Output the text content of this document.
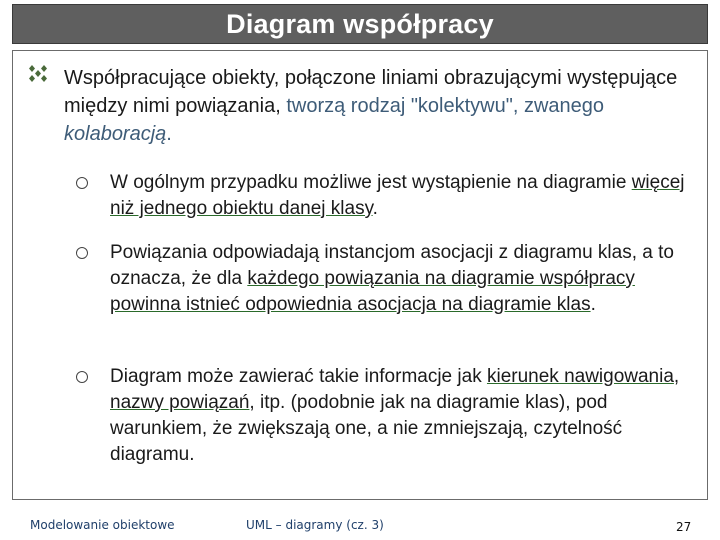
Diagram współpracy
Współpracujące obiekty, połączone liniami obrazującymi występujące między nimi powiązania, tworzą rodzaj "kolektywu", zwanego kolaboracją.
W ogólnym przypadku możliwe jest wystąpienie na diagramie więcej niż jednego obiektu danej klasy.
Powiązania odpowiadają instancjom asocjacji z diagramu klas, a to oznacza, że dla każdego powiązania na diagramie współpracy powinna istnieć odpowiednia asocjacja na diagramie klas.
Diagram może zawierać takie informacje jak kierunek nawigowania, nazwy powiązań, itp. (podobnie jak na diagramie klas), pod warunkiem, że zwiększają one, a nie zmniejszają, czytelność diagramu.
Modelowanie obiektowe	UML – diagramy (cz. 3)	27
